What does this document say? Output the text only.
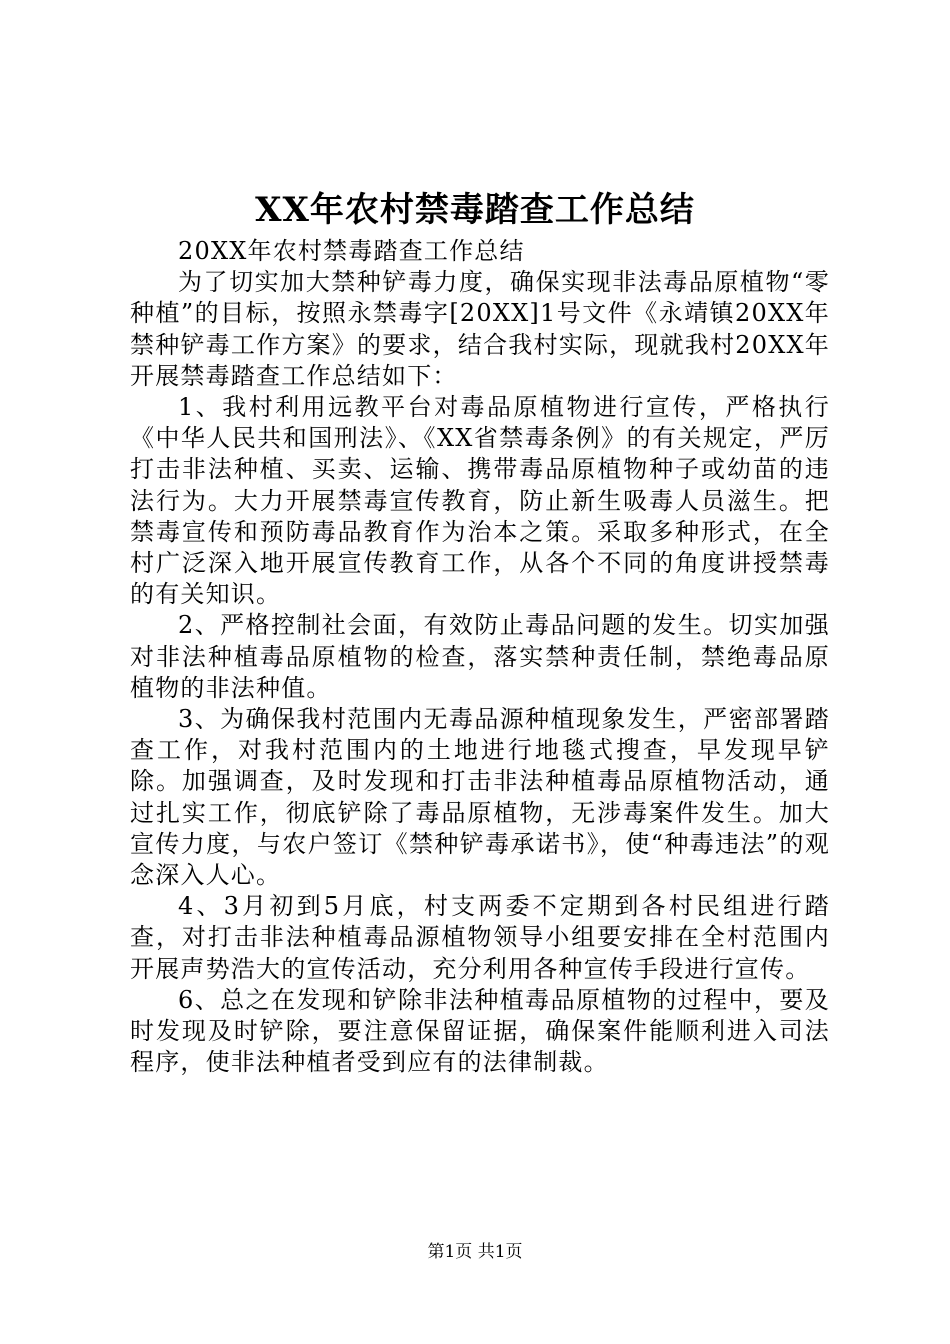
XX年农村禁毒踏查工作总结

20XX年农村禁毒踏查工作总结

为了切实加大禁种铲毒力度，确保实现非法毒品原植物“零种植”的目标，按照永禁毒字[20XX]1号文件《永靖镇20XX年禁种铲毒工作方案》的要求，结合我村实际，现就我村20XX年开展禁毒踏查工作总结如下：

1、我村利用远教平台对毒品原植物进行宣传，严格执行《中华人民共和国刑法》、《XX省禁毒条例》的有关规定，严厉打击非法种植、买卖、运输、携带毒品原植物种子或幼苗的违法行为。大力开展禁毒宣传教育，防止新生吸毒人员滋生。把禁毒宣传和预防毒品教育作为治本之策。采取多种形式，在全村广泛深入地开展宣传教育工作，从各个不同的角度讲授禁毒的有关知识。

2、严格控制社会面，有效防止毒品问题的发生。切实加强对非法种植毒品原植物的检查，落实禁种责任制，禁绝毒品原植物的非法种值。

3、为确保我村范围内无毒品源种植现象发生，严密部署踏查工作，对我村范围内的土地进行地毯式搜查，早发现早铲除。加强调查，及时发现和打击非法种植毒品原植物活动，通过扎实工作，彻底铲除了毒品原植物，无涉毒案件发生。加大宣传力度，与农户签订《禁种铲毒承诺书》，使“种毒违法”的观念深入人心。

4、3月初到5月底，村支两委不定期到各村民组进行踏查，对打击非法种植毒品源植物领导小组要安排在全村范围内开展声势浩大的宣传活动，充分利用各种宣传手段进行宣传。

6、总之在发现和铲除非法种植毒品原植物的过程中，要及时发现及时铲除，要注意保留证据，确保案件能顺利进入司法程序，使非法种植者受到应有的法律制裁。

第1页 共1页
